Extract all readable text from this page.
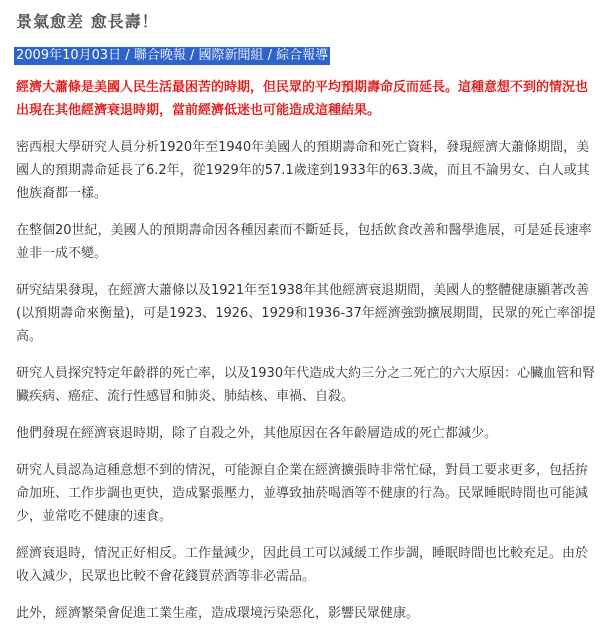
景氣愈差 愈長壽！
2009年10月03日 / 聯合晚報 / 國際新聞組 / 綜合報導

經濟大蕭條是美國人民生活最困苦的時期，但民眾的平均預期壽命反而延長。這種意想不到的情況也出現在其他經濟衰退時期，當前經濟低迷也可能造成這種結果。

密西根大學研究人員分析1920年至1940年美國人的預期壽命和死亡資料，發現經濟大蕭條期間，美國人的預期壽命延長了6.2年，從1929年的57.1歲達到1933年的63.3歲，而且不論男女、白人或其他族裔都一樣。

在整個20世紀，美國人的預期壽命因各種因素而不斷延長，包括飲食改善和醫學進展，可是延長速率並非一成不變。

研究結果發現，在經濟大蕭條以及1921年至1938年其他經濟衰退期間，美國人的整體健康顯著改善 (以預期壽命來衡量)，可是1923、1926、1929和1936-37年經濟強勁擴展期間，民眾的死亡率卻提高。

研究人員探究特定年齡群的死亡率，以及1930年代造成大約三分之二死亡的六大原因：心臟血管和腎臟疾病、癌症、流行性感冒和肺炎、肺結核、車禍、自殺。

他們發現在經濟衰退時期，除了自殺之外，其他原因在各年齡層造成的死亡都減少。

研究人員認為這種意想不到的情況，可能源自企業在經濟擴張時非常忙碌，對員工要求更多，包括拚命加班、工作步調也更快，造成緊張壓力，並導致抽菸喝酒等不健康的行為。民眾睡眠時間也可能減少，並常吃不健康的速食。

經濟衰退時，情況正好相反。工作量減少，因此員工可以減緩工作步調，睡眠時間也比較充足。由於收入減少，民眾也比較不會花錢買菸酒等非必需品。

此外，經濟繁榮會促進工業生產，造成環境污染惡化，影響民眾健康。
